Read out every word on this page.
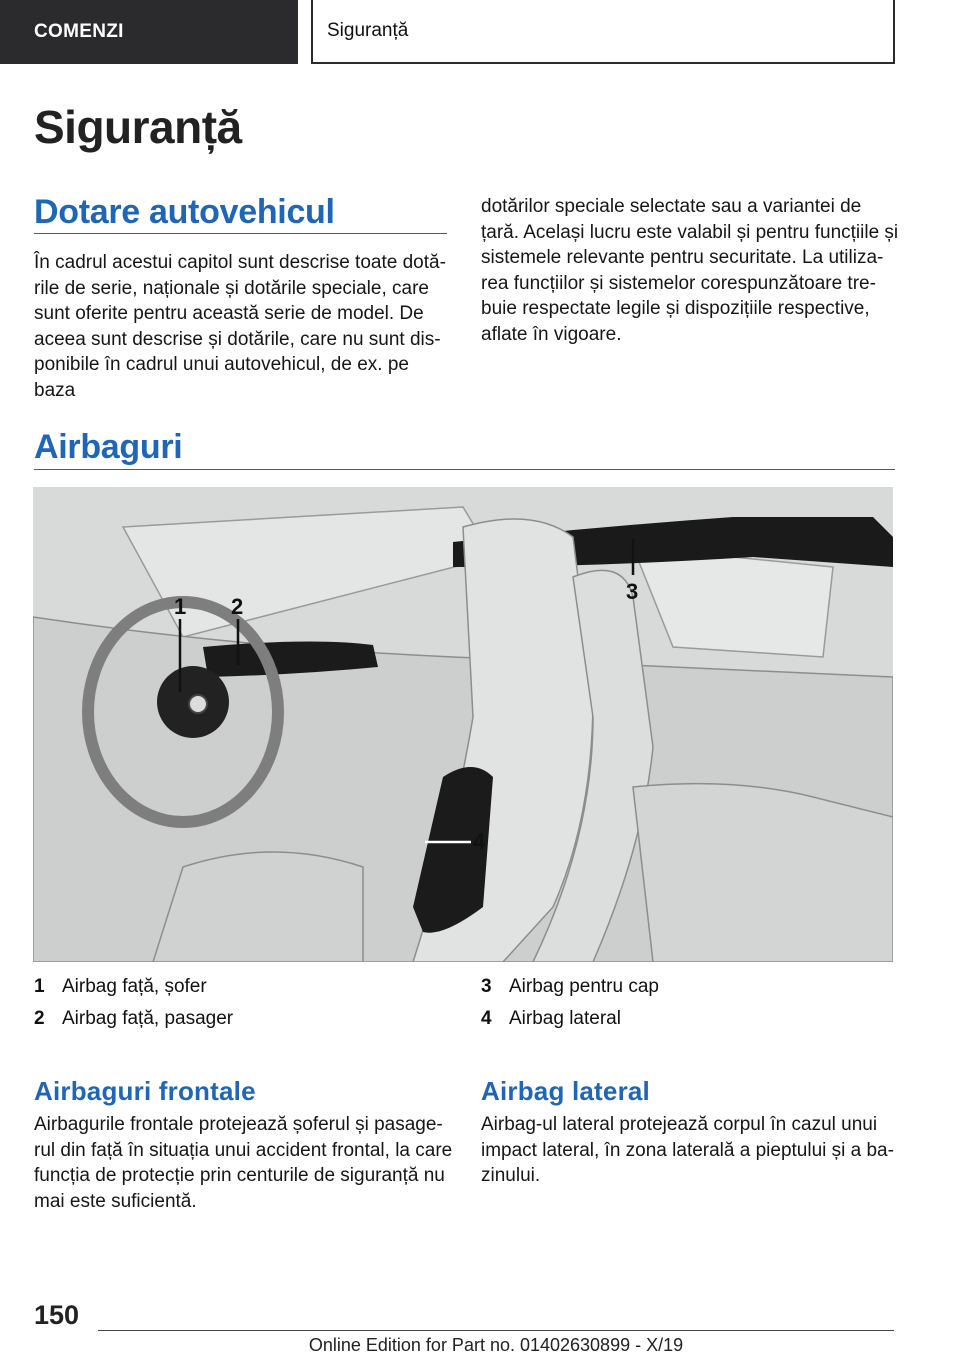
COMENZI	Siguranță
Siguranță
Dotare autovehicul

În cadrul acestui capitol sunt descrise toate dotă-
rile de serie, naționale și dotările speciale, care
sunt oferite pentru această serie de model. De
aceea sunt descrise și dotările, care nu sunt dis-
ponibile în cadrul unui autovehicul, de ex. pe baza

dotărilor speciale selectate sau a variantei de
țară. Același lucru este valabil și pentru funcțiile și
sistemele relevante pentru securitate. La utiliza-
rea funcțiilor și sistemelor corespunzătoare tre-
buie respectate legile și dispozițiile respective,
aflate în vigoare.

Airbaguri
1 2
3
4
1 Airbag față, șofer
2 Airbag față, pasager
3 Airbag pentru cap
4 Airbag lateral
Airbaguri frontale

Airbagurile frontale protejează șoferul și pasage-
rul din față în situația unui accident frontal, la care
funcția de protecție prin centurile de siguranță nu
mai este suficientă.

Airbag lateral

Airbag-ul lateral protejează corpul în cazul unui
impact lateral, în zona laterală a pieptului și a ba-
zinului.

150
Online Edition for Part no. 01402630899 - X/19
